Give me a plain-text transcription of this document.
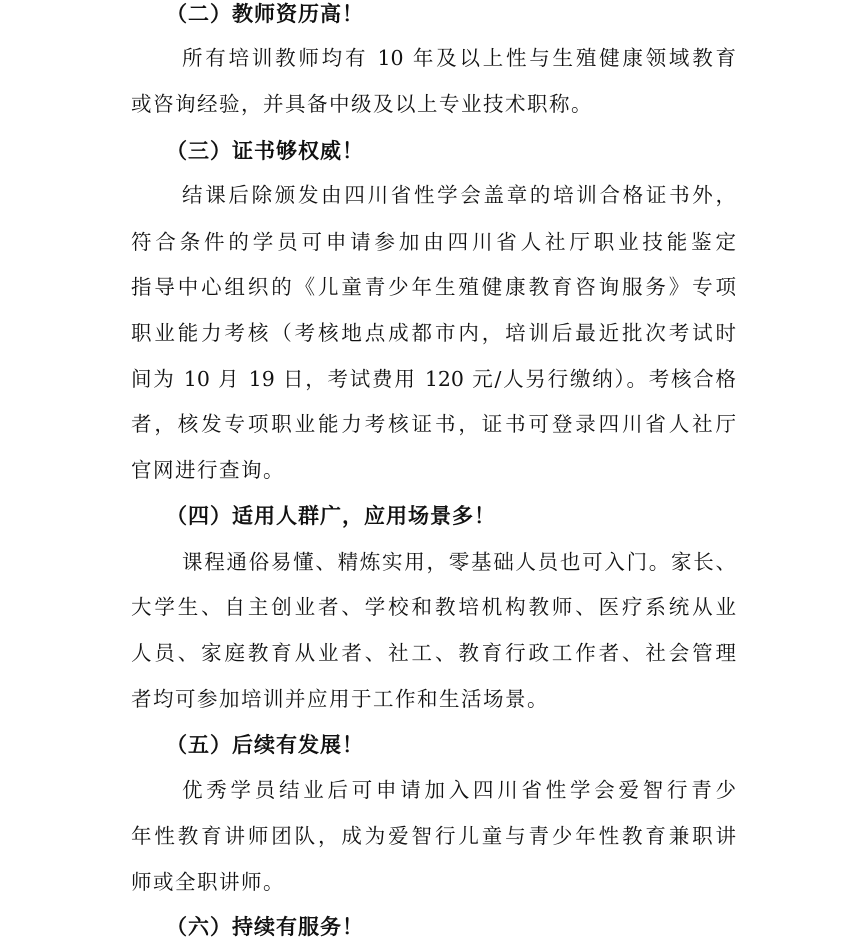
（二）教师资历高！
所有培训教师均有 10 年及以上性与生殖健康领域教育
或咨询经验，并具备中级及以上专业技术职称。
（三）证书够权威！
结课后除颁发由四川省性学会盖章的培训合格证书外，
符合条件的学员可申请参加由四川省人社厅职业技能鉴定
指导中心组织的《儿童青少年生殖健康教育咨询服务》专项
职业能力考核（考核地点成都市内，培训后最近批次考试时
间为 10 月 19 日，考试费用 120 元/人另行缴纳）。考核合格
者，核发专项职业能力考核证书，证书可登录四川省人社厅
官网进行查询。
（四）适用人群广，应用场景多！
课程通俗易懂、精炼实用，零基础人员也可入门。家长、
大学生、自主创业者、学校和教培机构教师、医疗系统从业
人员、家庭教育从业者、社工、教育行政工作者、社会管理
者均可参加培训并应用于工作和生活场景。
（五）后续有发展！
优秀学员结业后可申请加入四川省性学会爱智行青少
年性教育讲师团队，成为爱智行儿童与青少年性教育兼职讲
师或全职讲师。
（六）持续有服务！
